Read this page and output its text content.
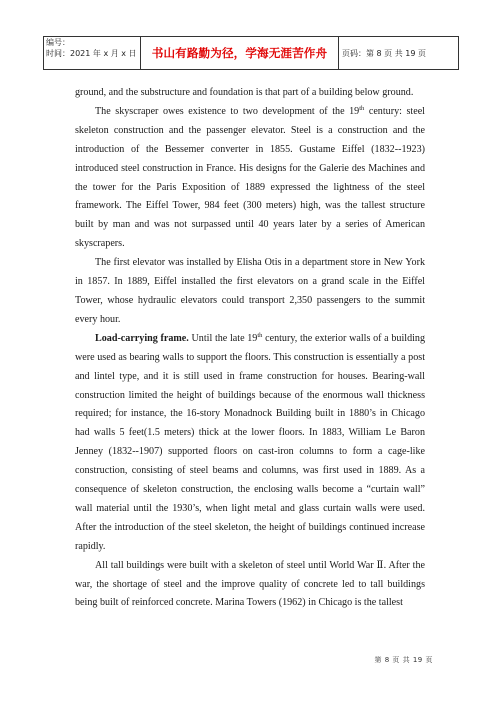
编号：
时间：2021 年 x 月 x 日	书山有路勤为径，学海无涯苦作舟	页码：第 8 页 共 19 页

ground, and the substructure and foundation is that part of a building below ground.

The skyscraper owes existence to two development of the 19th century: steel skeleton construction and the passenger elevator. Steel is a construction and the introduction of the Bessemer converter in 1855. Gustame Eiffel (1832--1923) introduced steel construction in France. His designs for the Galerie des Machines and the tower for the Paris Exposition of 1889 expressed the lightness of the steel framework. The Eiffel Tower, 984 feet (300 meters) high, was the tallest structure built by man and was not surpassed until 40 years later by a series of American skyscrapers.

The first elevator was installed by Elisha Otis in a department store in New York in 1857. In 1889, Eiffel installed the first elevators on a grand scale in the Eiffel Tower, whose hydraulic elevators could transport 2,350 passengers to the summit every hour.

Load-carrying frame. Until the late 19th century, the exterior walls of a building were used as bearing walls to support the floors. This construction is essentially a post and lintel type, and it is still used in frame construction for houses. Bearing-wall construction limited the height of buildings because of the enormous wall thickness required; for instance, the 16-story Monadnock Building built in 1880’s in Chicago had walls 5 feet(1.5 meters) thick at the lower floors. In 1883, William Le Baron Jenney (1832--1907) supported floors on cast-iron columns to form a cage-like construction, consisting of steel beams and columns, was first used in 1889. As a consequence of skeleton construction, the enclosing walls become a “curtain wall” wall material until the 1930’s, when light metal and glass curtain walls were used. After the introduction of the steel skeleton, the height of buildings continued increase rapidly.

All tall buildings were built with a skeleton of steel until World War Ⅱ. After the war, the shortage of steel and the improve quality of concrete led to tall buildings being built of reinforced concrete. Marina Towers (1962) in Chicago is the tallest

第 8 页 共 19 页
